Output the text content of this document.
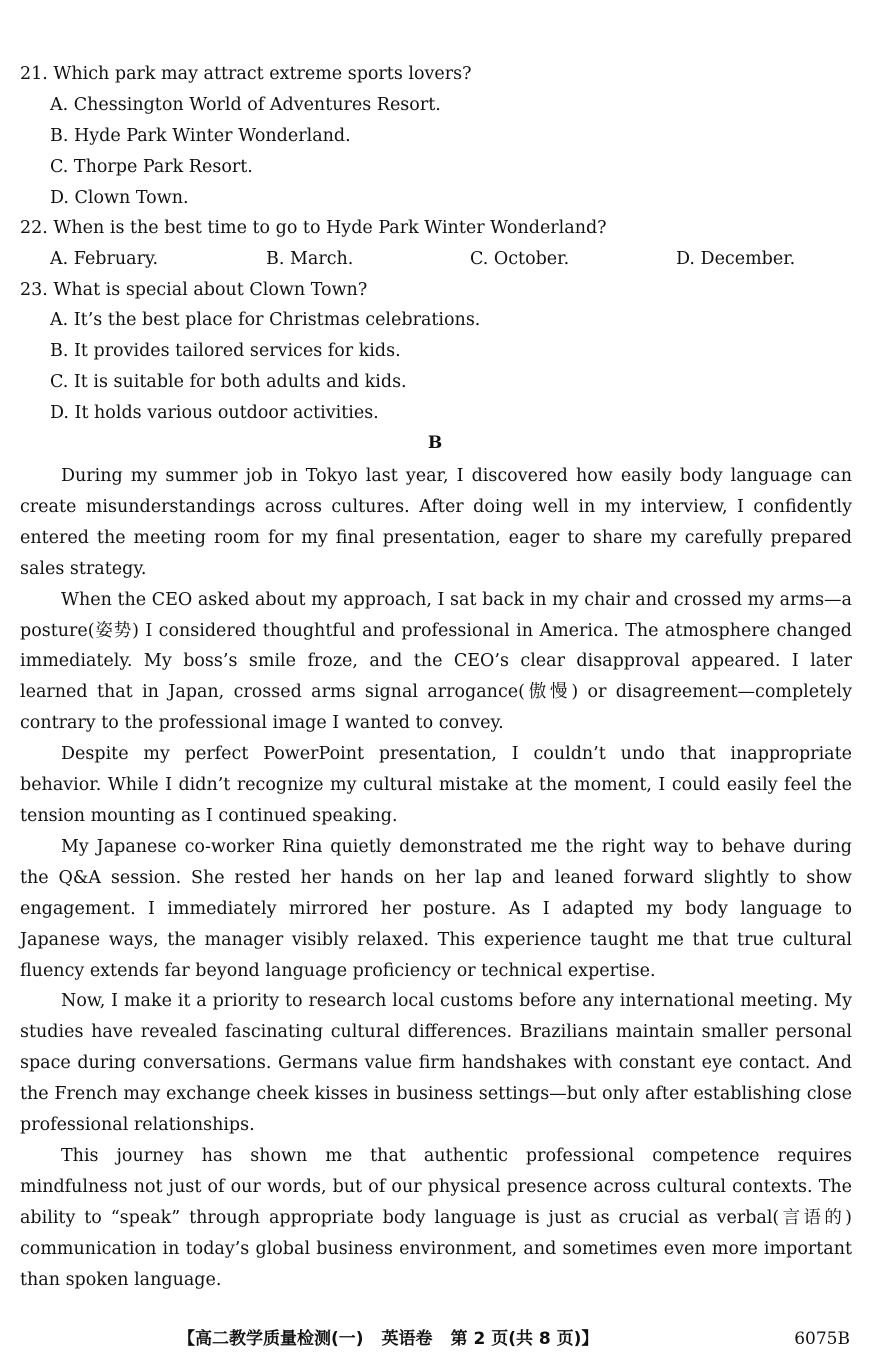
21. Which park may attract extreme sports lovers?
A. Chessington World of Adventures Resort.
B. Hyde Park Winter Wonderland.
C. Thorpe Park Resort.
D. Clown Town.
22. When is the best time to go to Hyde Park Winter Wonderland?
A. February.	B. March.	C. October.	D. December.
23. What is special about Clown Town?
A. It’s the best place for Christmas celebrations.
B. It provides tailored services for kids.
C. It is suitable for both adults and kids.
D. It holds various outdoor activities.
B

During my summer job in Tokyo last year, I discovered how easily body language can create misunderstandings across cultures. After doing well in my interview, I confidently entered the meeting room for my final presentation, eager to share my carefully prepared sales strategy.

When the CEO asked about my approach, I sat back in my chair and crossed my arms—a posture(姿势) I considered thoughtful and professional in America. The atmosphere changed immediately. My boss’s smile froze, and the CEO’s clear disapproval appeared. I later learned that in Japan, crossed arms signal arrogance(傲慢) or disagreement—completely contrary to the professional image I wanted to convey.

Despite my perfect PowerPoint presentation, I couldn’t undo that inappropriate behavior. While I didn’t recognize my cultural mistake at the moment, I could easily feel the tension mounting as I continued speaking.

My Japanese co-worker Rina quietly demonstrated me the right way to behave during the Q&A session. She rested her hands on her lap and leaned forward slightly to show engagement. I immediately mirrored her posture. As I adapted my body language to Japanese ways, the manager visibly relaxed. This experience taught me that true cultural fluency extends far beyond language proficiency or technical expertise.

Now, I make it a priority to research local customs before any international meeting. My studies have revealed fascinating cultural differences. Brazilians maintain smaller personal space during conversations. Germans value firm handshakes with constant eye contact. And the French may exchange cheek kisses in business settings—but only after establishing close professional relationships.

This journey has shown me that authentic professional competence requires mindfulness not just of our words, but of our physical presence across cultural contexts. The ability to “speak” through appropriate body language is just as crucial as verbal(言语的) communication in today’s global business environment, and sometimes even more important than spoken language.

【高二教学质量检测(一) 英语卷 第 2 页(共 8 页)】	6075B
